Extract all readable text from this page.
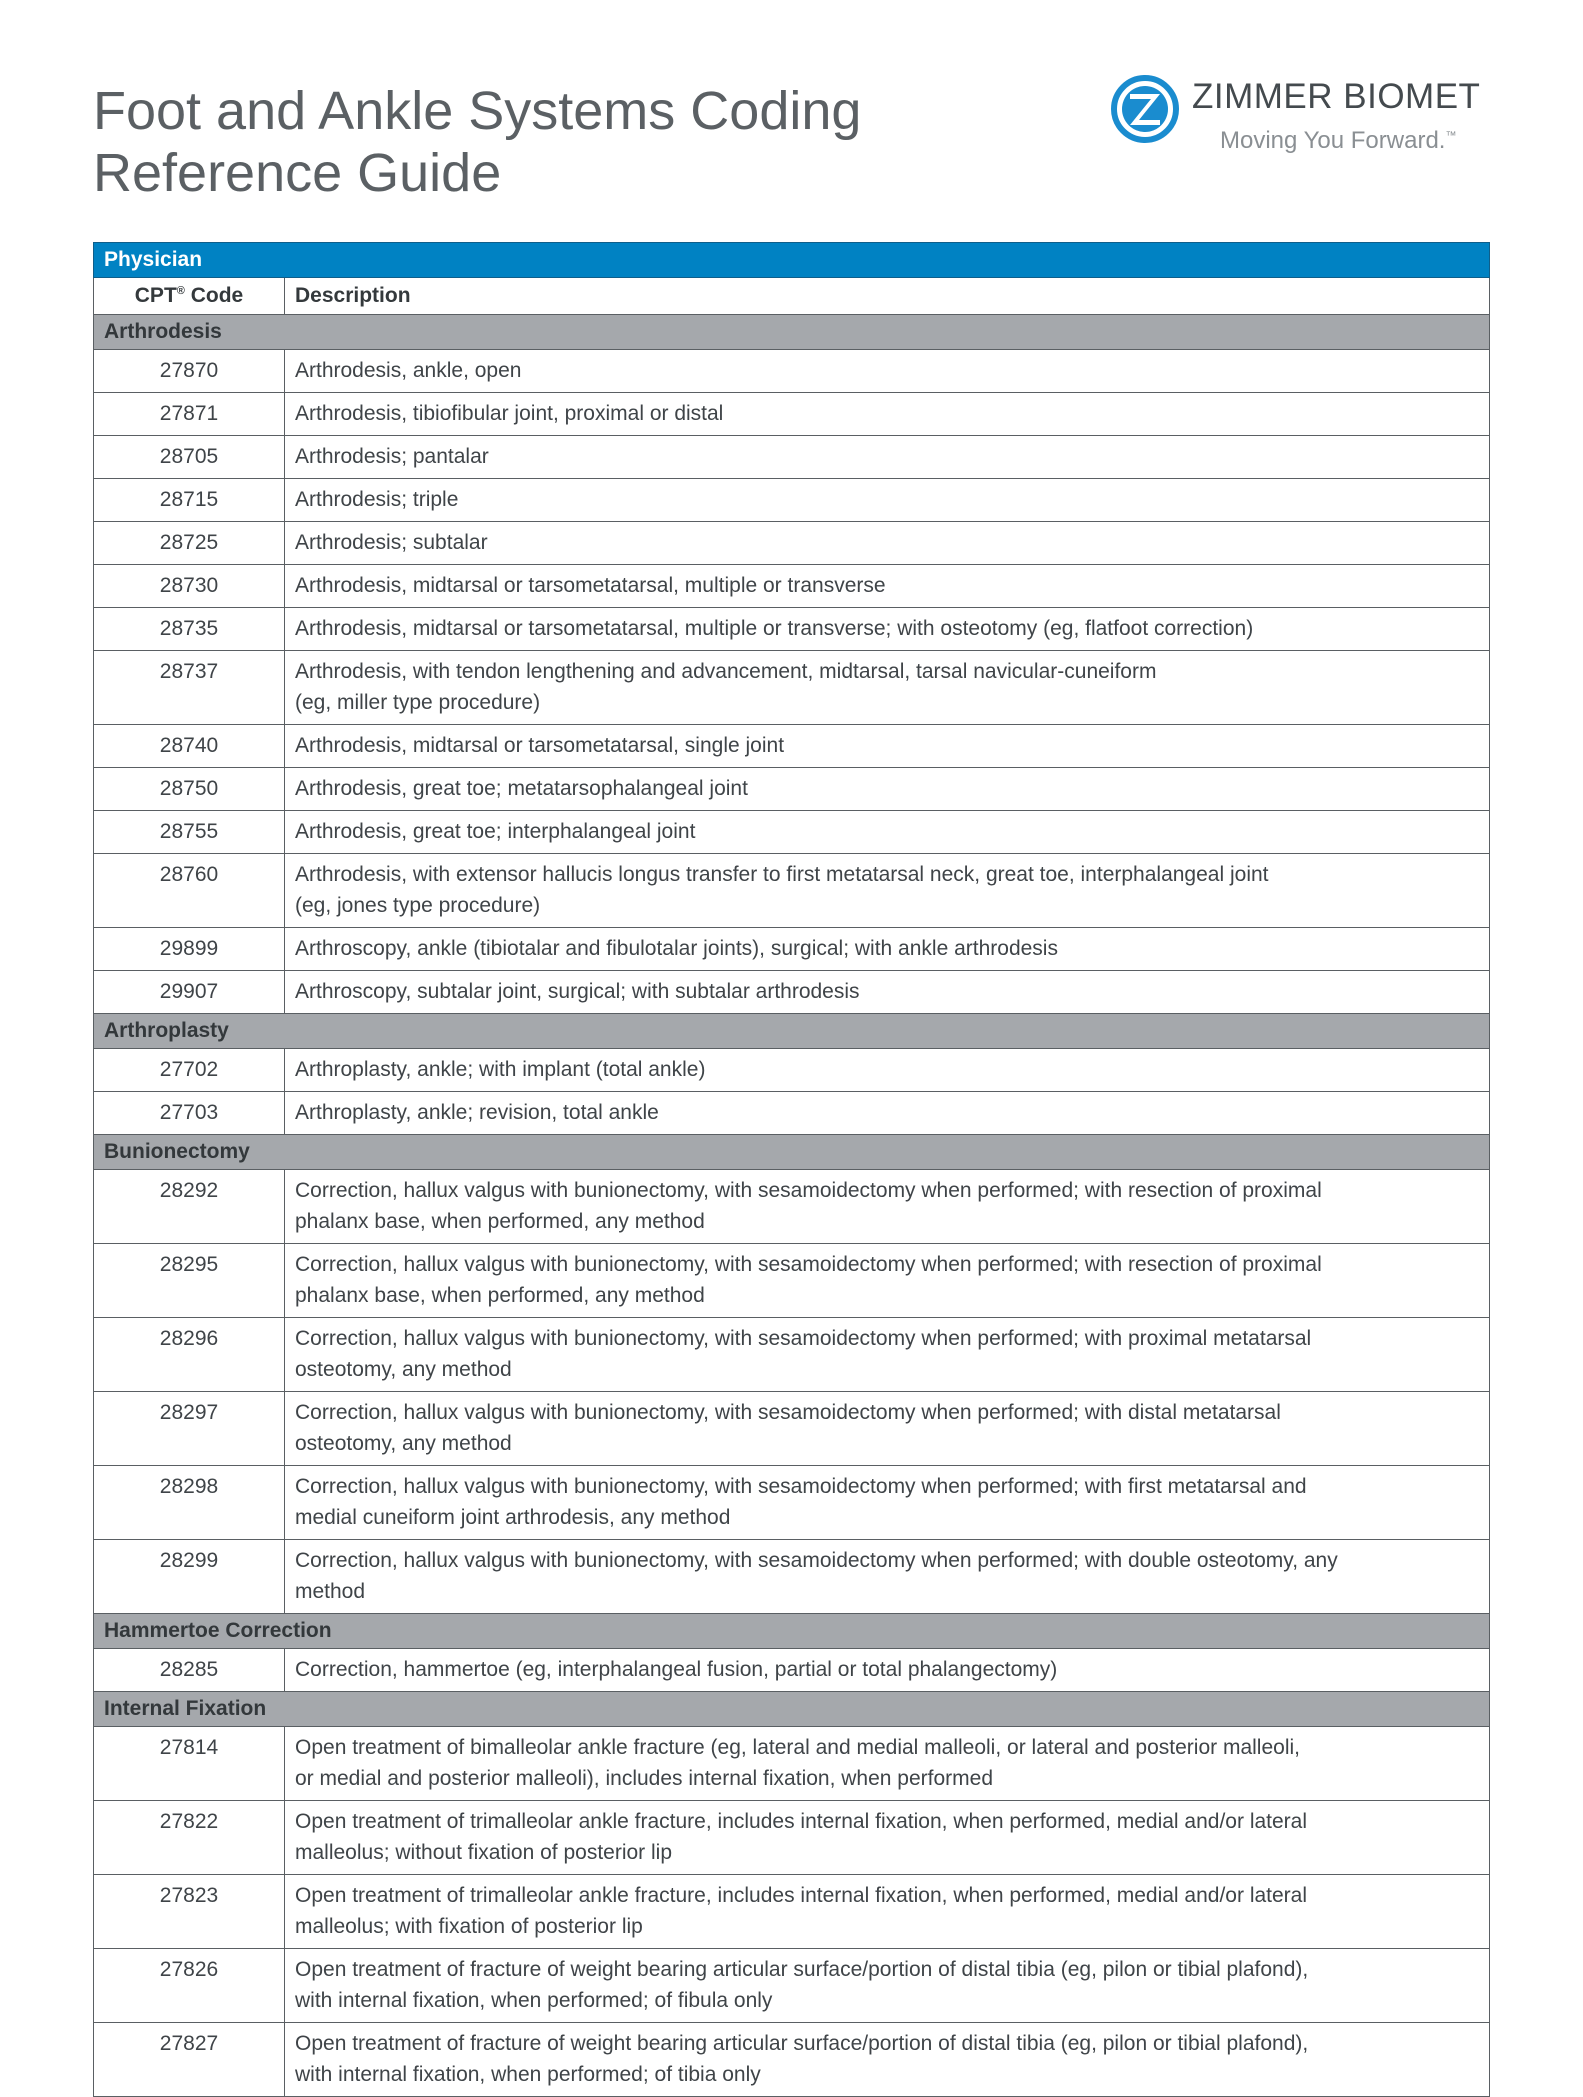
Foot and Ankle Systems Coding
Reference Guide
ZIMMER BIOMET
Moving You Forward.™
Physician	
CPT® Code	Description
Arthrodesis	
27870	Arthrodesis, ankle, open
27871	Arthrodesis, tibiofibular joint, proximal or distal
28705	Arthrodesis; pantalar
28715	Arthrodesis; triple
28725	Arthrodesis; subtalar
28730	Arthrodesis, midtarsal or tarsometatarsal, multiple or transverse
28735	Arthrodesis, midtarsal or tarsometatarsal, multiple or transverse; with osteotomy (eg, flatfoot correction)
28737	Arthrodesis, with tendon lengthening and advancement, midtarsal, tarsal navicular-cuneiform
(eg, miller type procedure)
28740	Arthrodesis, midtarsal or tarsometatarsal, single joint
28750	Arthrodesis, great toe; metatarsophalangeal joint
28755	Arthrodesis, great toe; interphalangeal joint
28760	Arthrodesis, with extensor hallucis longus transfer to first metatarsal neck, great toe, interphalangeal joint
(eg, jones type procedure)
29899	Arthroscopy, ankle (tibiotalar and fibulotalar joints), surgical; with ankle arthrodesis
29907	Arthroscopy, subtalar joint, surgical; with subtalar arthrodesis
Arthroplasty	
27702	Arthroplasty, ankle; with implant (total ankle)
27703	Arthroplasty, ankle; revision, total ankle
Bunionectomy	
28292	Correction, hallux valgus with bunionectomy, with sesamoidectomy when performed; with resection of proximal
phalanx base, when performed, any method
28295	Correction, hallux valgus with bunionectomy, with sesamoidectomy when performed; with resection of proximal
phalanx base, when performed, any method
28296	Correction, hallux valgus with bunionectomy, with sesamoidectomy when performed; with proximal metatarsal
osteotomy, any method
28297	Correction, hallux valgus with bunionectomy, with sesamoidectomy when performed; with distal metatarsal
osteotomy, any method
28298	Correction, hallux valgus with bunionectomy, with sesamoidectomy when performed; with first metatarsal and
medial cuneiform joint arthrodesis, any method
28299	Correction, hallux valgus with bunionectomy, with sesamoidectomy when performed; with double osteotomy, any
method
Hammertoe Correction	
28285	Correction, hammertoe (eg, interphalangeal fusion, partial or total phalangectomy)
Internal Fixation	
27814	Open treatment of bimalleolar ankle fracture (eg, lateral and medial malleoli, or lateral and posterior malleoli,
or medial and posterior malleoli), includes internal fixation, when performed
27822	Open treatment of trimalleolar ankle fracture, includes internal fixation, when performed, medial and/or lateral
malleolus; without fixation of posterior lip
27823	Open treatment of trimalleolar ankle fracture, includes internal fixation, when performed, medial and/or lateral
malleolus; with fixation of posterior lip
27826	Open treatment of fracture of weight bearing articular surface/portion of distal tibia (eg, pilon or tibial plafond),
with internal fixation, when performed; of fibula only
27827	Open treatment of fracture of weight bearing articular surface/portion of distal tibia (eg, pilon or tibial plafond),
with internal fixation, when performed; of tibia only
